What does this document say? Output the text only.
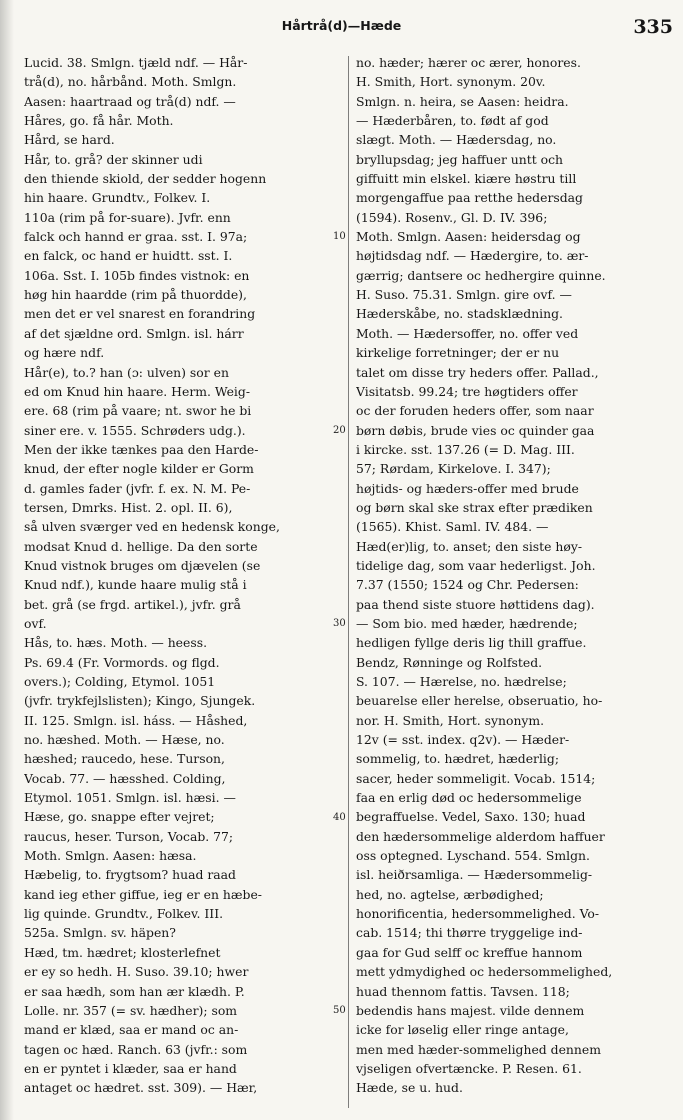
Hårtrå(d)—Hæde	335
Lucid. 38. Smlgn. tjæld ndf. — Hår-
trå(d), no. hårbånd. Moth. Smlgn.
Aasen: haartraad og trå(d) ndf. —
Håres, go. få hår. Moth.
Hård, se hard.
Hår, to. grå? der skinner udi
den thiende skiold, der sedder hogenn
hin haare. Grundtv., Folkev. I.
110a (rim på for-suare). Jvfr. enn
falck och hannd er graa. sst. I. 97a;
en falck, oc hand er huidtt. sst. I.
106a. Sst. I. 105b findes vistnok: en
høg hin haardde (rim på thuordde),
men det er vel snarest en forandring
af det sjældne ord. Smlgn. isl. hárr
og hære ndf.
Hår(e), to.? han (ɔ: ulven) sor en
ed om Knud hin haare. Herm. Weig-
ere. 68 (rim på vaare; nt. swor he bi
siner ere. v. 1555. Schrøders udg.).
Men der ikke tænkes paa den Harde-
knud, der efter nogle kilder er Gorm
d. gamles fader (jvfr. f. ex. N. M. Pe-
tersen, Dmrks. Hist. 2. opl. II. 6),
så ulven sværger ved en hedensk konge,
modsat Knud d. hellige. Da den sorte
Knud vistnok bruges om djævelen (se
Knud ndf.), kunde haare mulig stå i
bet. grå (se frgd. artikel.), jvfr. grå
ovf.
Hås, to. hæs. Moth. — heess.
Ps. 69.4 (Fr. Vormords. og flgd.
overs.); Colding, Etymol. 1051
(jvfr. trykfejlslisten); Kingo, Sjungek.
II. 125. Smlgn. isl. háss. — Håshed,
no. hæshed. Moth. — Hæse, no.
hæshed; raucedo, hese. Turson,
Vocab. 77. — hæsshed. Colding,
Etymol. 1051. Smlgn. isl. hæsi. —
Hæse, go. snappe efter vejret;
raucus, heser. Turson, Vocab. 77;
Moth. Smlgn. Aasen: hæsa.
Hæbelig, to. frygtsom? huad raad
kand ieg ether giffue, ieg er en hæbe-
lig quinde. Grundtv., Folkev. III.
525a. Smlgn. sv. häpen?
Hæd, tm. hædret; klosterlefnet
er ey so hedh. H. Suso. 39.10; hwer
er saa hædh, som han ær klædh. P.
Lolle. nr. 357 (= sv. hædher); som
mand er klæd, saa er mand oc an-
tagen oc hæd. Ranch. 63 (jvfr.: som
en er pyntet i klæder, saa er hand
antaget oc hædret. sst. 309). — Hær,
no. hæder; hærer oc ærer, honores.
H. Smith, Hort. synonym. 20v.
Smlgn. n. heira, se Aasen: heidra.
— Hæderbåren, to. født af god
slægt. Moth. — Hædersdag, no.
bryllupsdag; jeg haffuer untt och
giffuitt min elskel. kiære høstru till
morgengaffue paa retthe hedersdag
(1594). Rosenv., Gl. D. IV. 396;
Moth. Smlgn. Aasen: heidersdag og
højtidsdag ndf. — Hædergire, to. ær-
gærrig; dantsere oc hedhergire quinne.
H. Suso. 75.31. Smlgn. gire ovf. —
Hæderskåbe, no. stadsklædning.
Moth. — Hædersoffer, no. offer ved
kirkelige forretninger; der er nu
talet om disse try heders offer. Pallad.,
Visitatsb. 99.24; tre høgtiders offer
oc der foruden heders offer, som naar
børn døbis, brude vies oc quinder gaa
i kircke. sst. 137.26 (= D. Mag. III.
57; Rørdam, Kirkelove. I. 347);
højtids- og hæders-offer med brude
og børn skal ske strax efter prædiken
(1565). Khist. Saml. IV. 484. —
Hæd(er)lig, to. anset; den siste høy-
tidelige dag, som vaar hederligst. Joh.
7.37 (1550; 1524 og Chr. Pedersen:
paa thend siste stuore høttidens dag).
— Som bio. med hæder, hædrende;
hedligen fyllge deris lig thill graffue.
Bendz, Rønninge og Rolfsted.
S. 107. — Hærelse, no. hædrelse;
beuarelse eller herelse, obseruatio, ho-
nor. H. Smith, Hort. synonym.
12v (= sst. index. q2v). — Hæder-
sommelig, to. hædret, hæderlig;
sacer, heder sommeligit. Vocab. 1514;
faa en erlig død oc hedersommelige
begraffuelse. Vedel, Saxo. 130; huad
den hædersommelige alderdom haffuer
oss optegned. Lyschand. 554. Smlgn.
isl. heiðrsamliga. — Hædersommelig-
hed, no. agtelse, ærbødighed;
honorificentia, hedersommelighed. Vo-
cab. 1514; thi thørre tryggelige ind-
gaa for Gud selff oc kreffue hannom
mett ydmydighed oc hedersommelighed,
huad thennom fattis. Tavsen. 118;
bedendis hans majest. vilde dennem
icke for løselig eller ringe antage,
men med hæder-sommelighed dennem
vjseligen ofvertæncke. P. Resen. 61.
Hæde, se u. hud.
10
20
30
40
50
